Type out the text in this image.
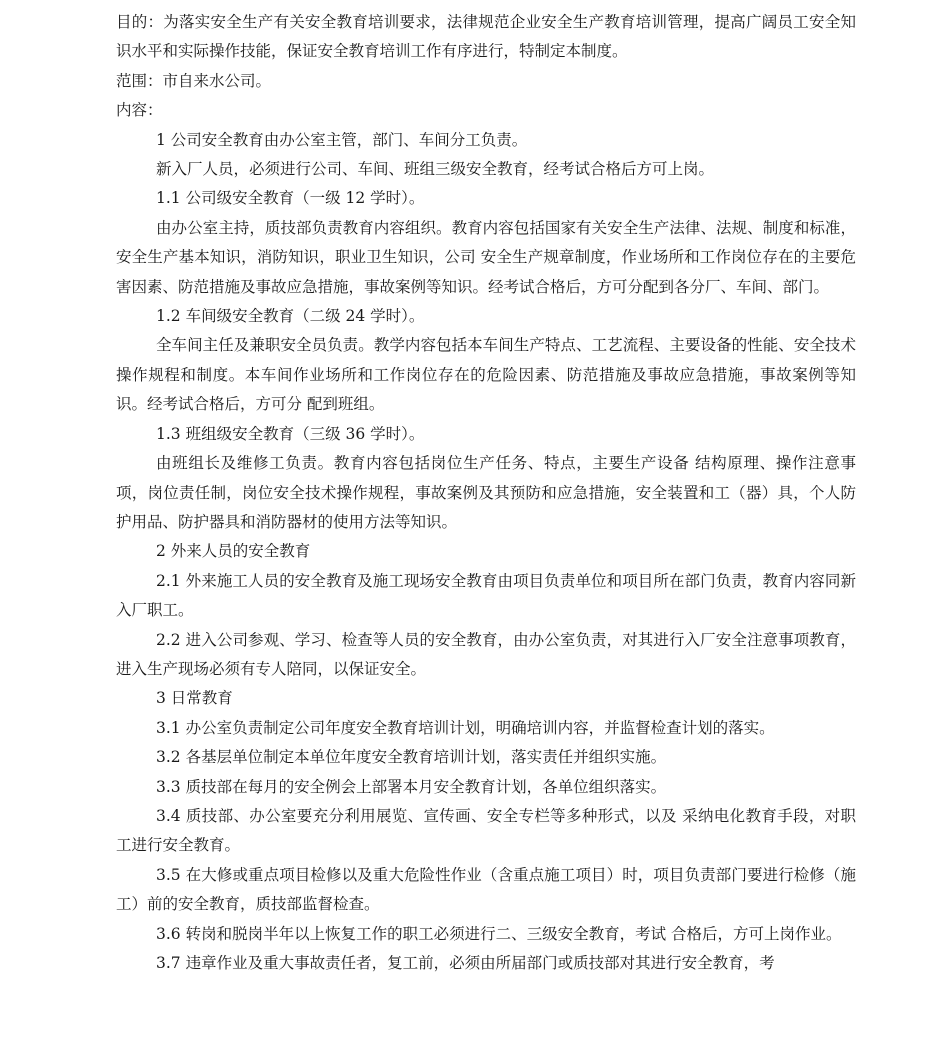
目的：为落实安全生产有关安全教育培训要求，法律规范企业安全生产教育培训管理，提高广阔员工安全知识水平和实际操作技能，保证安全教育培训工作有序进行，特制定本制度。

范围：市自来水公司。

内容：

1 公司安全教育由办公室主管，部门、车间分工负责。

新入厂人员，必须进行公司、车间、班组三级安全教育，经考试合格后方可上岗。

1.1 公司级安全教育（一级 12 学时）。

由办公室主持，质技部负责教育内容组织。教育内容包括国家有关安全生产法律、法规、制度和标准，安全生产基本知识，消防知识，职业卫生知识，公司 安全生产规章制度，作业场所和工作岗位存在的主要危害因素、防范措施及事故应急措施，事故案例等知识。经考试合格后，方可分配到各分厂、车间、部门。

1.2 车间级安全教育（二级 24 学时）。

全车间主任及兼职安全员负责。教学内容包括本车间生产特点、工艺流程、主要设备的性能、安全技术操作规程和制度。本车间作业场所和工作岗位存在的危险因素、防范措施及事故应急措施，事故案例等知识。经考试合格后，方可分 配到班组。

1.3 班组级安全教育（三级 36 学时）。

由班组长及维修工负责。教育内容包括岗位生产任务、特点，主要生产设备 结构原理、操作注意事项，岗位责任制，岗位安全技术操作规程，事故案例及其预防和应急措施，安全装置和工（器）具，个人防护用品、防护器具和消防器材的使用方法等知识。

2 外来人员的安全教育

2.1 外来施工人员的安全教育及施工现场安全教育由项目负责单位和项目所在部门负责，教育内容同新入厂职工。

2.2 进入公司参观、学习、检查等人员的安全教育，由办公室负责，对其进行入厂安全注意事项教育，进入生产现场必须有专人陪同，以保证安全。

3 日常教育

3.1 办公室负责制定公司年度安全教育培训计划，明确培训内容，并监督检查计划的落实。

3.2 各基层单位制定本单位年度安全教育培训计划，落实责任并组织实施。

3.3 质技部在每月的安全例会上部署本月安全教育计划，各单位组织落实。

3.4 质技部、办公室要充分利用展览、宣传画、安全专栏等多种形式，以及 采纳电化教育手段，对职工进行安全教育。

3.5 在大修或重点项目检修以及重大危险性作业（含重点施工项目）时，项目负责部门要进行检修（施工）前的安全教育，质技部监督检查。

3.6 转岗和脱岗半年以上恢复工作的职工必须进行二、三级安全教育，考试 合格后，方可上岗作业。

3.7 违章作业及重大事故责任者，复工前，必须由所届部门或质技部对其进行安全教育，考
